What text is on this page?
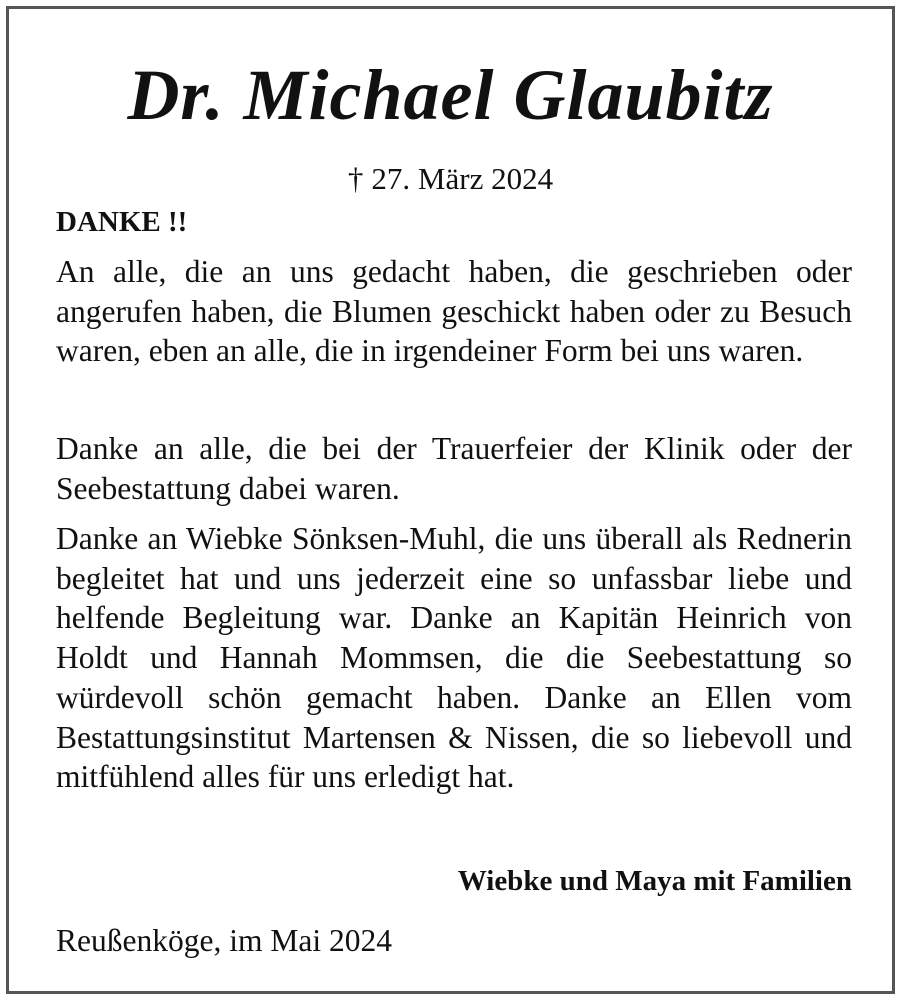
Dr. Michael Glaubitz

† 27. März 2024

DANKE !!

An alle, die an uns gedacht haben, die geschrieben oder angerufen haben, die Blumen geschickt haben oder zu Besuch waren, eben an alle, die in irgendeiner Form bei uns waren.

Danke an alle, die bei der Trauerfeier der Klinik oder der Seebestattung dabei waren.

Danke an Wiebke Sönksen-Muhl, die uns überall als Rednerin begleitet hat und uns jederzeit eine so unfassbar liebe und helfende Begleitung war. Danke an Kapitän Heinrich von Holdt und Hannah Mommsen, die die Seebestattung so würdevoll schön gemacht haben. Danke an Ellen vom Bestattungsinstitut Martensen & Nissen, die so liebevoll und mitfühlend alles für uns erledigt hat.

Wiebke und Maya mit Familien

Reußenköge, im Mai 2024
